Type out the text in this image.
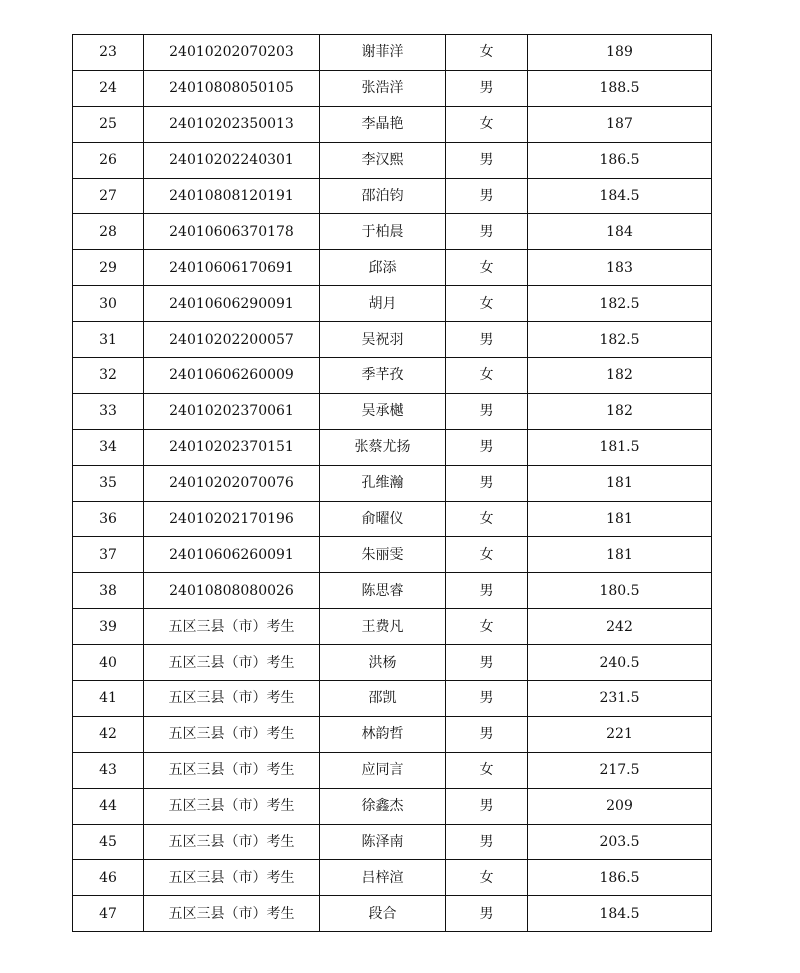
23	24010202070203	谢菲洋	女	189
24	24010808050105	张浩洋	男	188.5
25	24010202350013	李晶艳	女	187
26	24010202240301	李汉熙	男	186.5
27	24010808120191	邵泊钧	男	184.5
28	24010606370178	于柏晨	男	184
29	24010606170691	邱添	女	183
30	24010606290091	胡月	女	182.5
31	24010202200057	吴祝羽	男	182.5
32	24010606260009	季芊孜	女	182
33	24010202370061	吴承樾	男	182
34	24010202370151	张蔡尤扬	男	181.5
35	24010202070076	孔维瀚	男	181
36	24010202170196	俞曜仪	女	181
37	24010606260091	朱丽雯	女	181
38	24010808080026	陈思睿	男	180.5
39	五区三县（市）考生	王费凡	女	242
40	五区三县（市）考生	洪杨	男	240.5
41	五区三县（市）考生	邵凯	男	231.5
42	五区三县（市）考生	林韵哲	男	221
43	五区三县（市）考生	应同言	女	217.5
44	五区三县（市）考生	徐鑫杰	男	209
45	五区三县（市）考生	陈泽南	男	203.5
46	五区三县（市）考生	吕梓渲	女	186.5
47	五区三县（市）考生	段合	男	184.5
